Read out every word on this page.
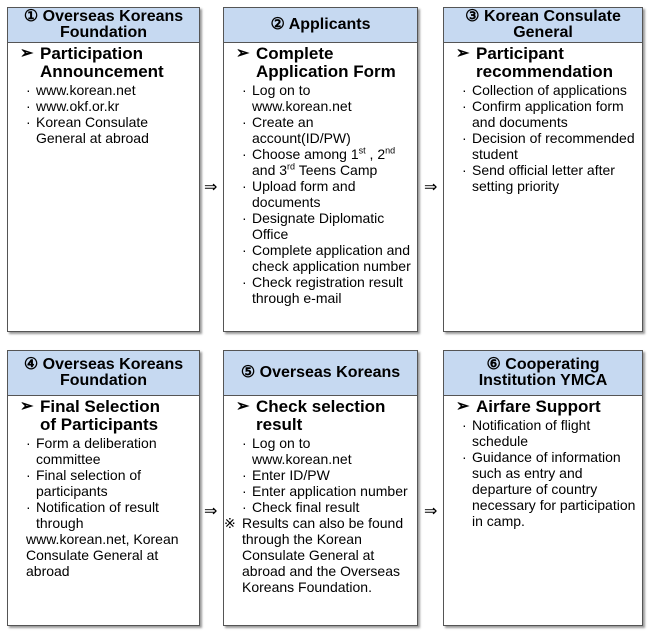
① Overseas Koreans
Foundation
➢ Participation
Announcement
· www.korean.net
· www.okf.or.kr
· Korean Consulate General at abroad
② Applicants
➢ Complete
Application Form
· Log on to www.korean.net
· Create an account(ID/PW)
· Choose among 1st , 2nd and 3rd Teens Camp
· Upload form and documents
· Designate Diplomatic Office
· Complete application and check application number
· Check registration result through e-mail
③ Korean Consulate
General
➢ Participant
recommendation
· Collection of applications
· Confirm application form and documents
· Decision of recommended student
· Send official letter after setting priority
④ Overseas Koreans
Foundation
➢ Final Selection
of Participants
· Form a deliberation committee
· Final selection of participants
· Notification of result through
www.korean.net, Korean Consulate General at abroad
⑤ Overseas Koreans
➢ Check selection
result
· Log on to www.korean.net
· Enter ID/PW
· Enter application number
· Check final result
※ Results can also be found through the Korean Consulate General at abroad and the Overseas Koreans Foundation.
⑥ Cooperating
Institution YMCA
➢ Airfare Support
· Notification of flight schedule
· Guidance of information such as entry and departure of country necessary for participation in camp.
⇒	⇒
⇒	⇒
